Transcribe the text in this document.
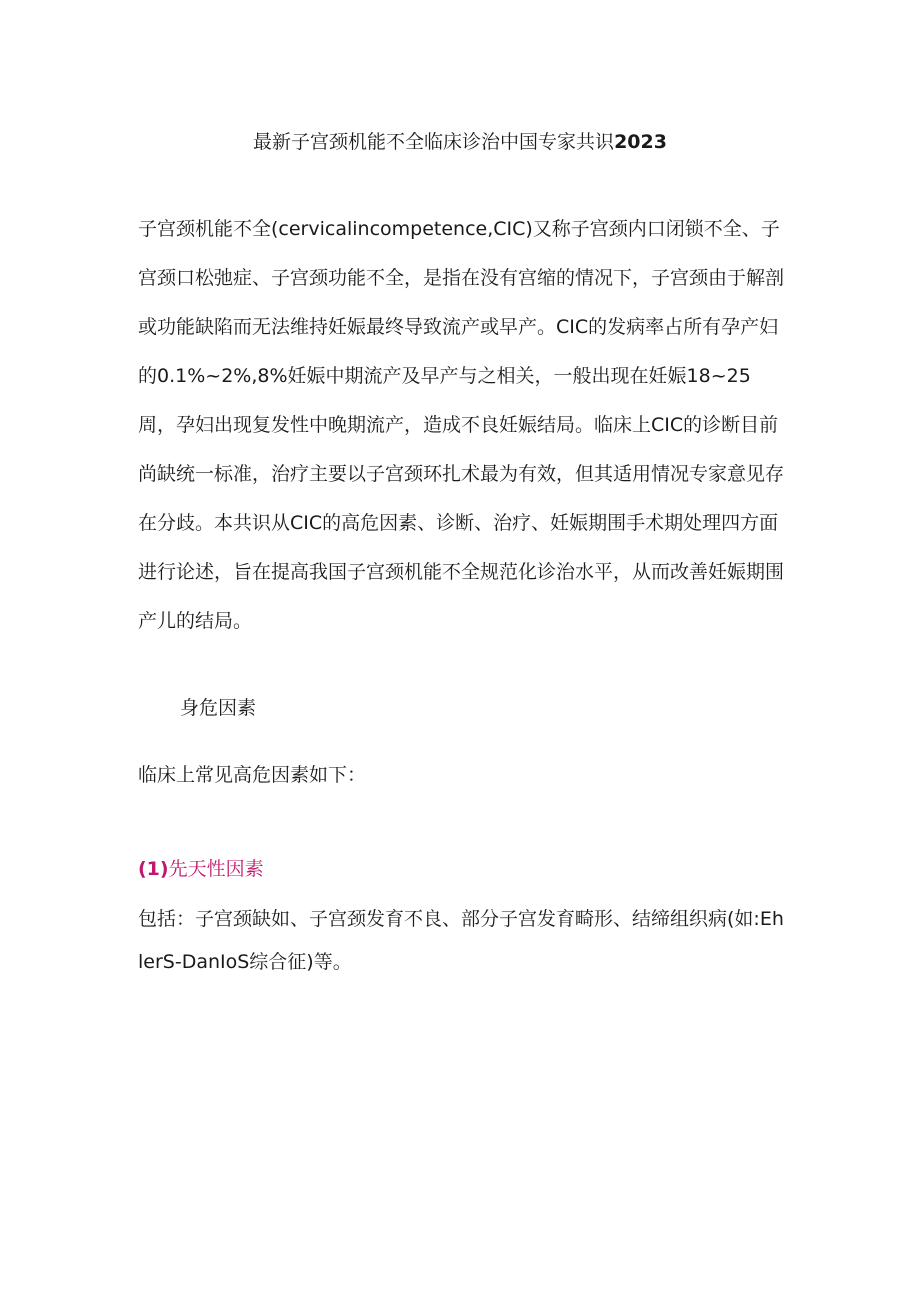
最新子宫颈机能不全临床诊治中国专家共识2023

子宫颈机能不全(cervicalincompetence,CIC)又称子宫颈内口闭锁不全、子宫颈口松弛症、子宫颈功能不全，是指在没有宫缩的情况下，子宫颈由于解剖或功能缺陷而无法维持妊娠最终导致流产或早产。CIC的发病率占所有孕产妇的0.1%~2%,8%妊娠中期流产及早产与之相关，一般出现在妊娠18~25周，孕妇出现复发性中晚期流产，造成不良妊娠结局。临床上CIC的诊断目前尚缺统一标准，治疗主要以子宫颈环扎术最为有效，但其适用情况专家意见存在分歧。本共识从CIC的高危因素、诊断、治疗、妊娠期围手术期处理四方面进行论述，旨在提高我国子宫颈机能不全规范化诊治水平，从而改善妊娠期围产儿的结局。

身危因素

临床上常见高危因素如下：

(1)先天性因素

包括：子宫颈缺如、子宫颈发育不良、部分子宫发育畸形、结缔组织病(如:EhlerS-DanIoS综合征)等。
